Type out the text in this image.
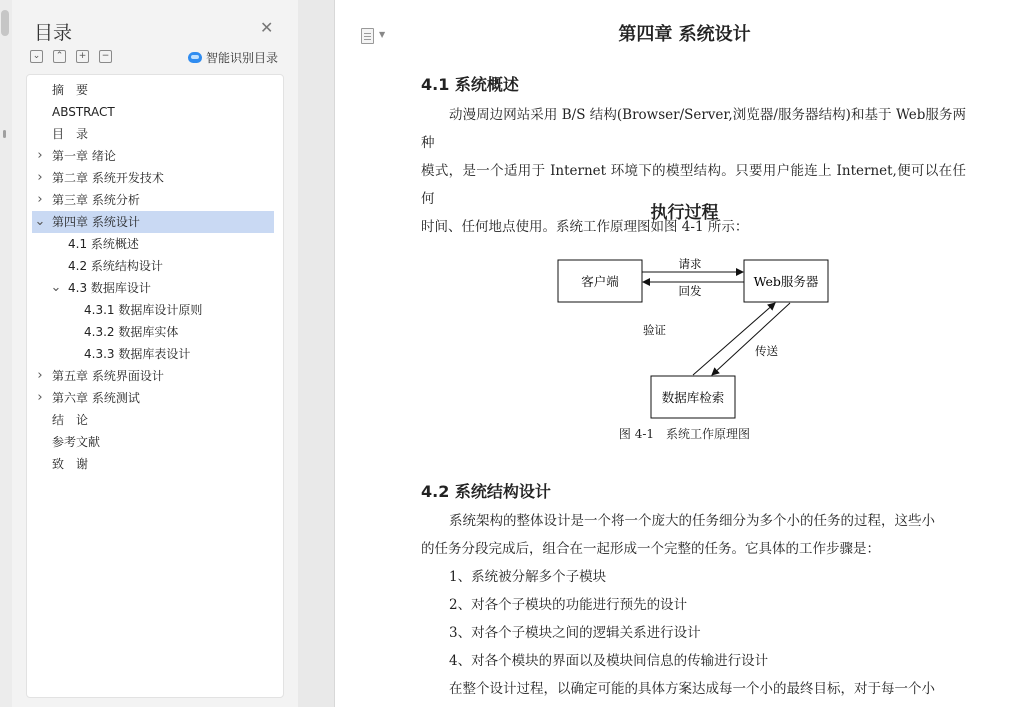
目录	✕
⌄	⌃	+	−	智能识别目录
摘　要
ABSTRACT
目　录
› 第一章 绪论
› 第二章 系统开发技术
› 第三章 系统分析
⌄ 第四章 系统设计
4.1 系统概述
4.2 系统结构设计
⌄ 4.3 数据库设计
4.3.1 数据库设计原则
4.3.2 数据库实体
4.3.3 数据库表设计
› 第五章 系统界面设计
› 第六章 系统测试
结　论
参考文献
致　谢
▼	第四章 系统设计
4.1 系统概述

动漫周边网站采用 B/S 结构(Browser/Server,浏览器/服务器结构)和基于 Web服务两种
模式，是一个适用于 Internet 环境下的模型结构。只要用户能连上 Internet,便可以在任何
时间、任何地点使用。系统工作原理图如图 4-1 所示：

执行过程
客户端	Web服务器
数据库检索
请求
回发
验证
传送
图 4-1　系统工作原理图
4.2 系统结构设计

系统架构的整体设计是一个将一个庞大的任务细分为多个小的任务的过程，这些小
的任务分段完成后，组合在一起形成一个完整的任务。它具体的工作步骤是：

1、系统被分解多个子模块
2、对各个子模块的功能进行预先的设计
3、对各个子模块之间的逻辑关系进行设计
4、对各个模块的界面以及模块间信息的传输进行设计
在整个设计过程，以确定可能的具体方案达成每一个小的最终目标，对于每一个小
